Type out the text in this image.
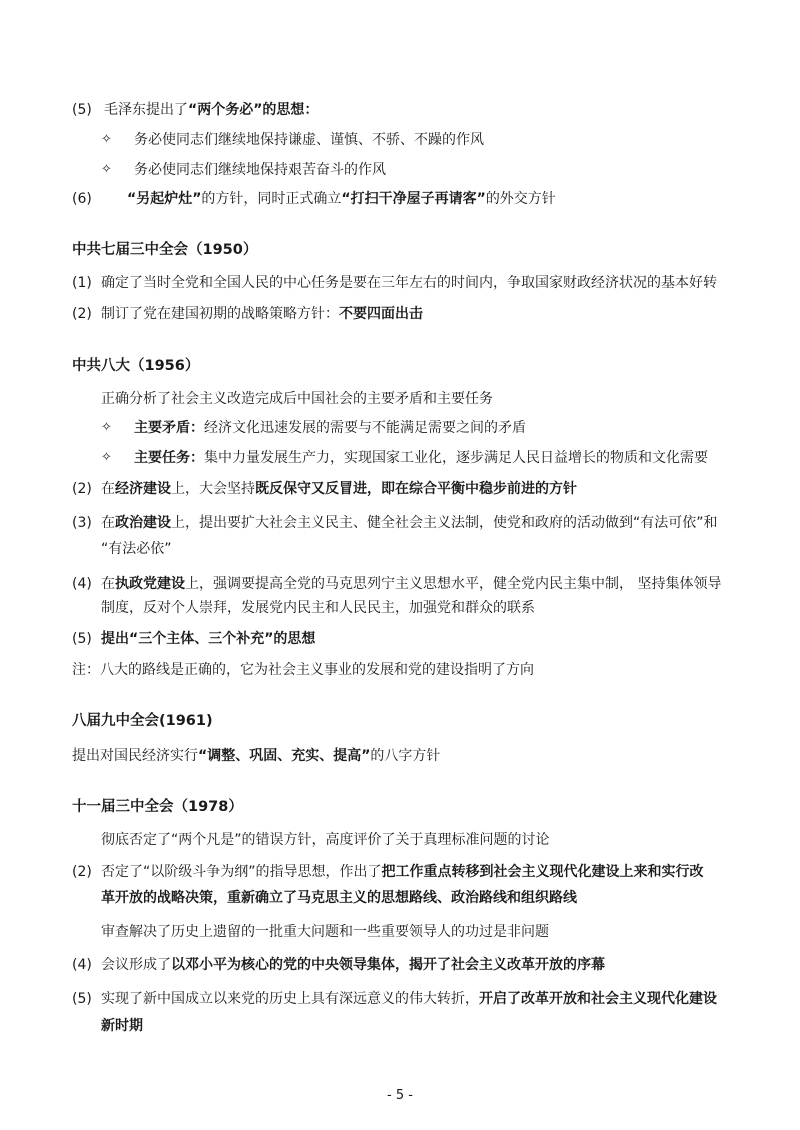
(5) 毛泽东提出了“两个务必”的思想：
✧ 务必使同志们继续地保持谦虚、谨慎、不骄、不躁的作风
✧ 务必使同志们继续地保持艰苦奋斗的作风
(6)	“另起炉灶”的方针，同时正式确立“打扫干净屋子再请客”的外交方针
中共七届三中全会（1950）
(1) 确定了当时全党和全国人民的中心任务是要在三年左右的时间内，争取国家财政经济状况的基本好转
(2) 制订了党在建国初期的战略策略方针：不要四面出击
中共八大（1956）
正确分析了社会主义改造完成后中国社会的主要矛盾和主要任务
✧ 主要矛盾：经济文化迅速发展的需要与不能满足需要之间的矛盾
✧ 主要任务：集中力量发展生产力，实现国家工业化，逐步满足人民日益增长的物质和文化需要
(2) 在经济建设上，大会坚持既反保守又反冒进，即在综合平衡中稳步前进的方针
(3) 在政治建设上，提出要扩大社会主义民主、健全社会主义法制，使党和政府的活动做到“有法可依”和
“有法必依”
(4) 在执政党建设上，强调要提高全党的马克思列宁主义思想水平，健全党内民主集中制， 坚持集体领导
制度，反对个人崇拜，发展党内民主和人民民主，加强党和群众的联系
(5) 提出“三个主体、三个补充”的思想
注：八大的路线是正确的，它为社会主义事业的发展和党的建设指明了方向
八届九中全会(1961)
提出对国民经济实行“调整、巩固、充实、提高”的八字方针
十一届三中全会（1978）
彻底否定了“两个凡是”的错误方针，高度评价了关于真理标准问题的讨论
(2) 否定了“以阶级斗争为纲”的指导思想，作出了把工作重点转移到社会主义现代化建设上来和实行改
革开放的战略决策，重新确立了马克思主义的思想路线、政治路线和组织路线
审查解决了历史上遗留的一批重大问题和一些重要领导人的功过是非问题
(4) 会议形成了以邓小平为核心的党的中央领导集体，揭开了社会主义改革开放的序幕
(5) 实现了新中国成立以来党的历史上具有深远意义的伟大转折，开启了改革开放和社会主义现代化建设
新时期
- 5 -
